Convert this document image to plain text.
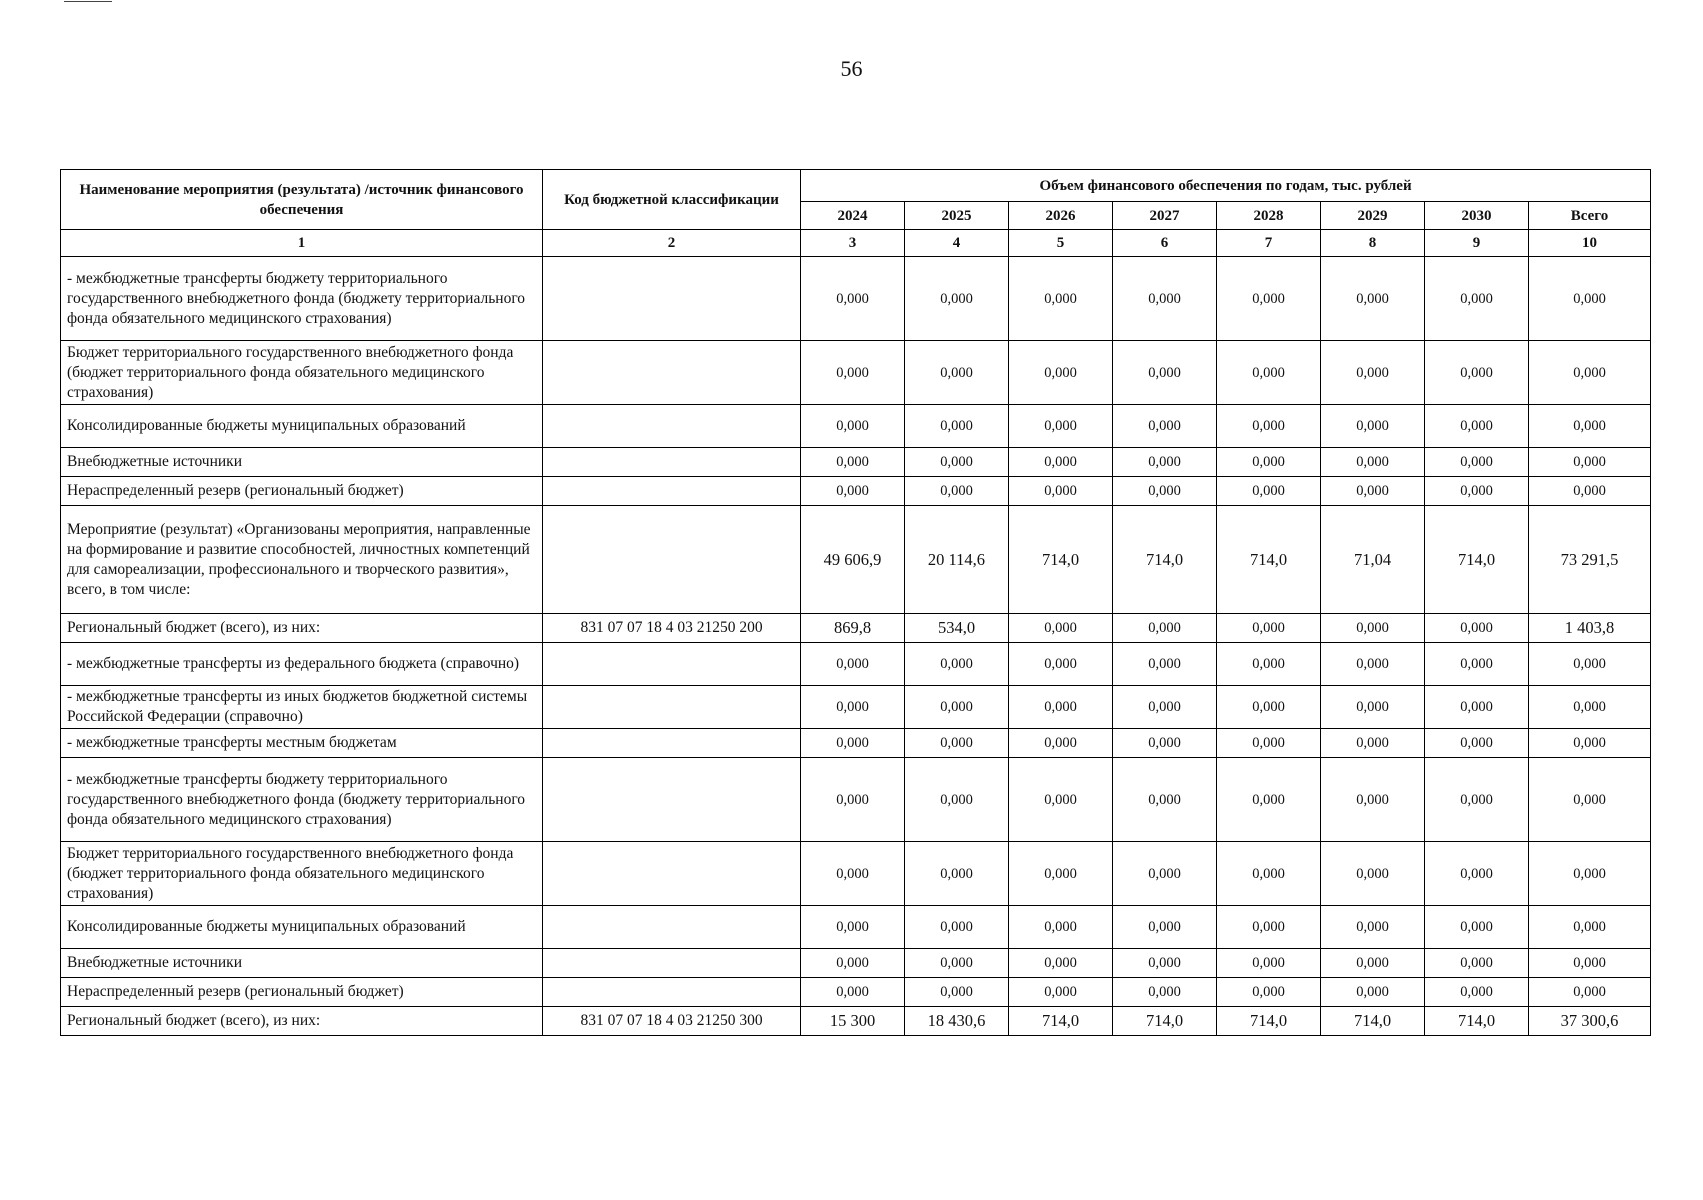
56
Наименование мероприятия (результата) /источник финансового обеспечения	Код бюджетной классификации	Объем финансового обеспечения по годам, тыс. рублей							
		2024	2025	2026	2027	2028	2029	2030	Всего
1	2	3	4	5	6	7	8	9	10
- межбюджетные трансферты бюджету территориального государственного внебюджетного фонда (бюджету территориального фонда обязательного медицинского страхования)		0,000	0,000	0,000	0,000	0,000	0,000	0,000	0,000
Бюджет территориального государственного внебюджетного фонда (бюджет территориального фонда обязательного медицинского страхования)		0,000	0,000	0,000	0,000	0,000	0,000	0,000	0,000
Консолидированные бюджеты муниципальных образований		0,000	0,000	0,000	0,000	0,000	0,000	0,000	0,000
Внебюджетные источники		0,000	0,000	0,000	0,000	0,000	0,000	0,000	0,000
Нераспределенный резерв (региональный бюджет)		0,000	0,000	0,000	0,000	0,000	0,000	0,000	0,000
Мероприятие (результат) «Организованы мероприятия, направленные на формирование и развитие способностей, личностных компетенций для самореализации, профессионального и творческого развития», всего, в том числе:		49 606,9	20 114,6	714,0	714,0	714,0	71,04	714,0	73 291,5
Региональный бюджет (всего), из них:	831 07 07 18 4 03 21250 200	869,8	534,0	0,000	0,000	0,000	0,000	0,000	1 403,8
- межбюджетные трансферты из федерального бюджета (справочно)		0,000	0,000	0,000	0,000	0,000	0,000	0,000	0,000
- межбюджетные трансферты из иных бюджетов бюджетной системы Российской Федерации (справочно)		0,000	0,000	0,000	0,000	0,000	0,000	0,000	0,000
- межбюджетные трансферты местным бюджетам		0,000	0,000	0,000	0,000	0,000	0,000	0,000	0,000
- межбюджетные трансферты бюджету территориального государственного внебюджетного фонда (бюджету территориального фонда обязательного медицинского страхования)		0,000	0,000	0,000	0,000	0,000	0,000	0,000	0,000
Бюджет территориального государственного внебюджетного фонда (бюджет территориального фонда обязательного медицинского страхования)		0,000	0,000	0,000	0,000	0,000	0,000	0,000	0,000
Консолидированные бюджеты муниципальных образований		0,000	0,000	0,000	0,000	0,000	0,000	0,000	0,000
Внебюджетные источники		0,000	0,000	0,000	0,000	0,000	0,000	0,000	0,000
Нераспределенный резерв (региональный бюджет)		0,000	0,000	0,000	0,000	0,000	0,000	0,000	0,000
Региональный бюджет (всего), из них:	831 07 07 18 4 03 21250 300	15 300	18 430,6	714,0	714,0	714,0	714,0	714,0	37 300,6
